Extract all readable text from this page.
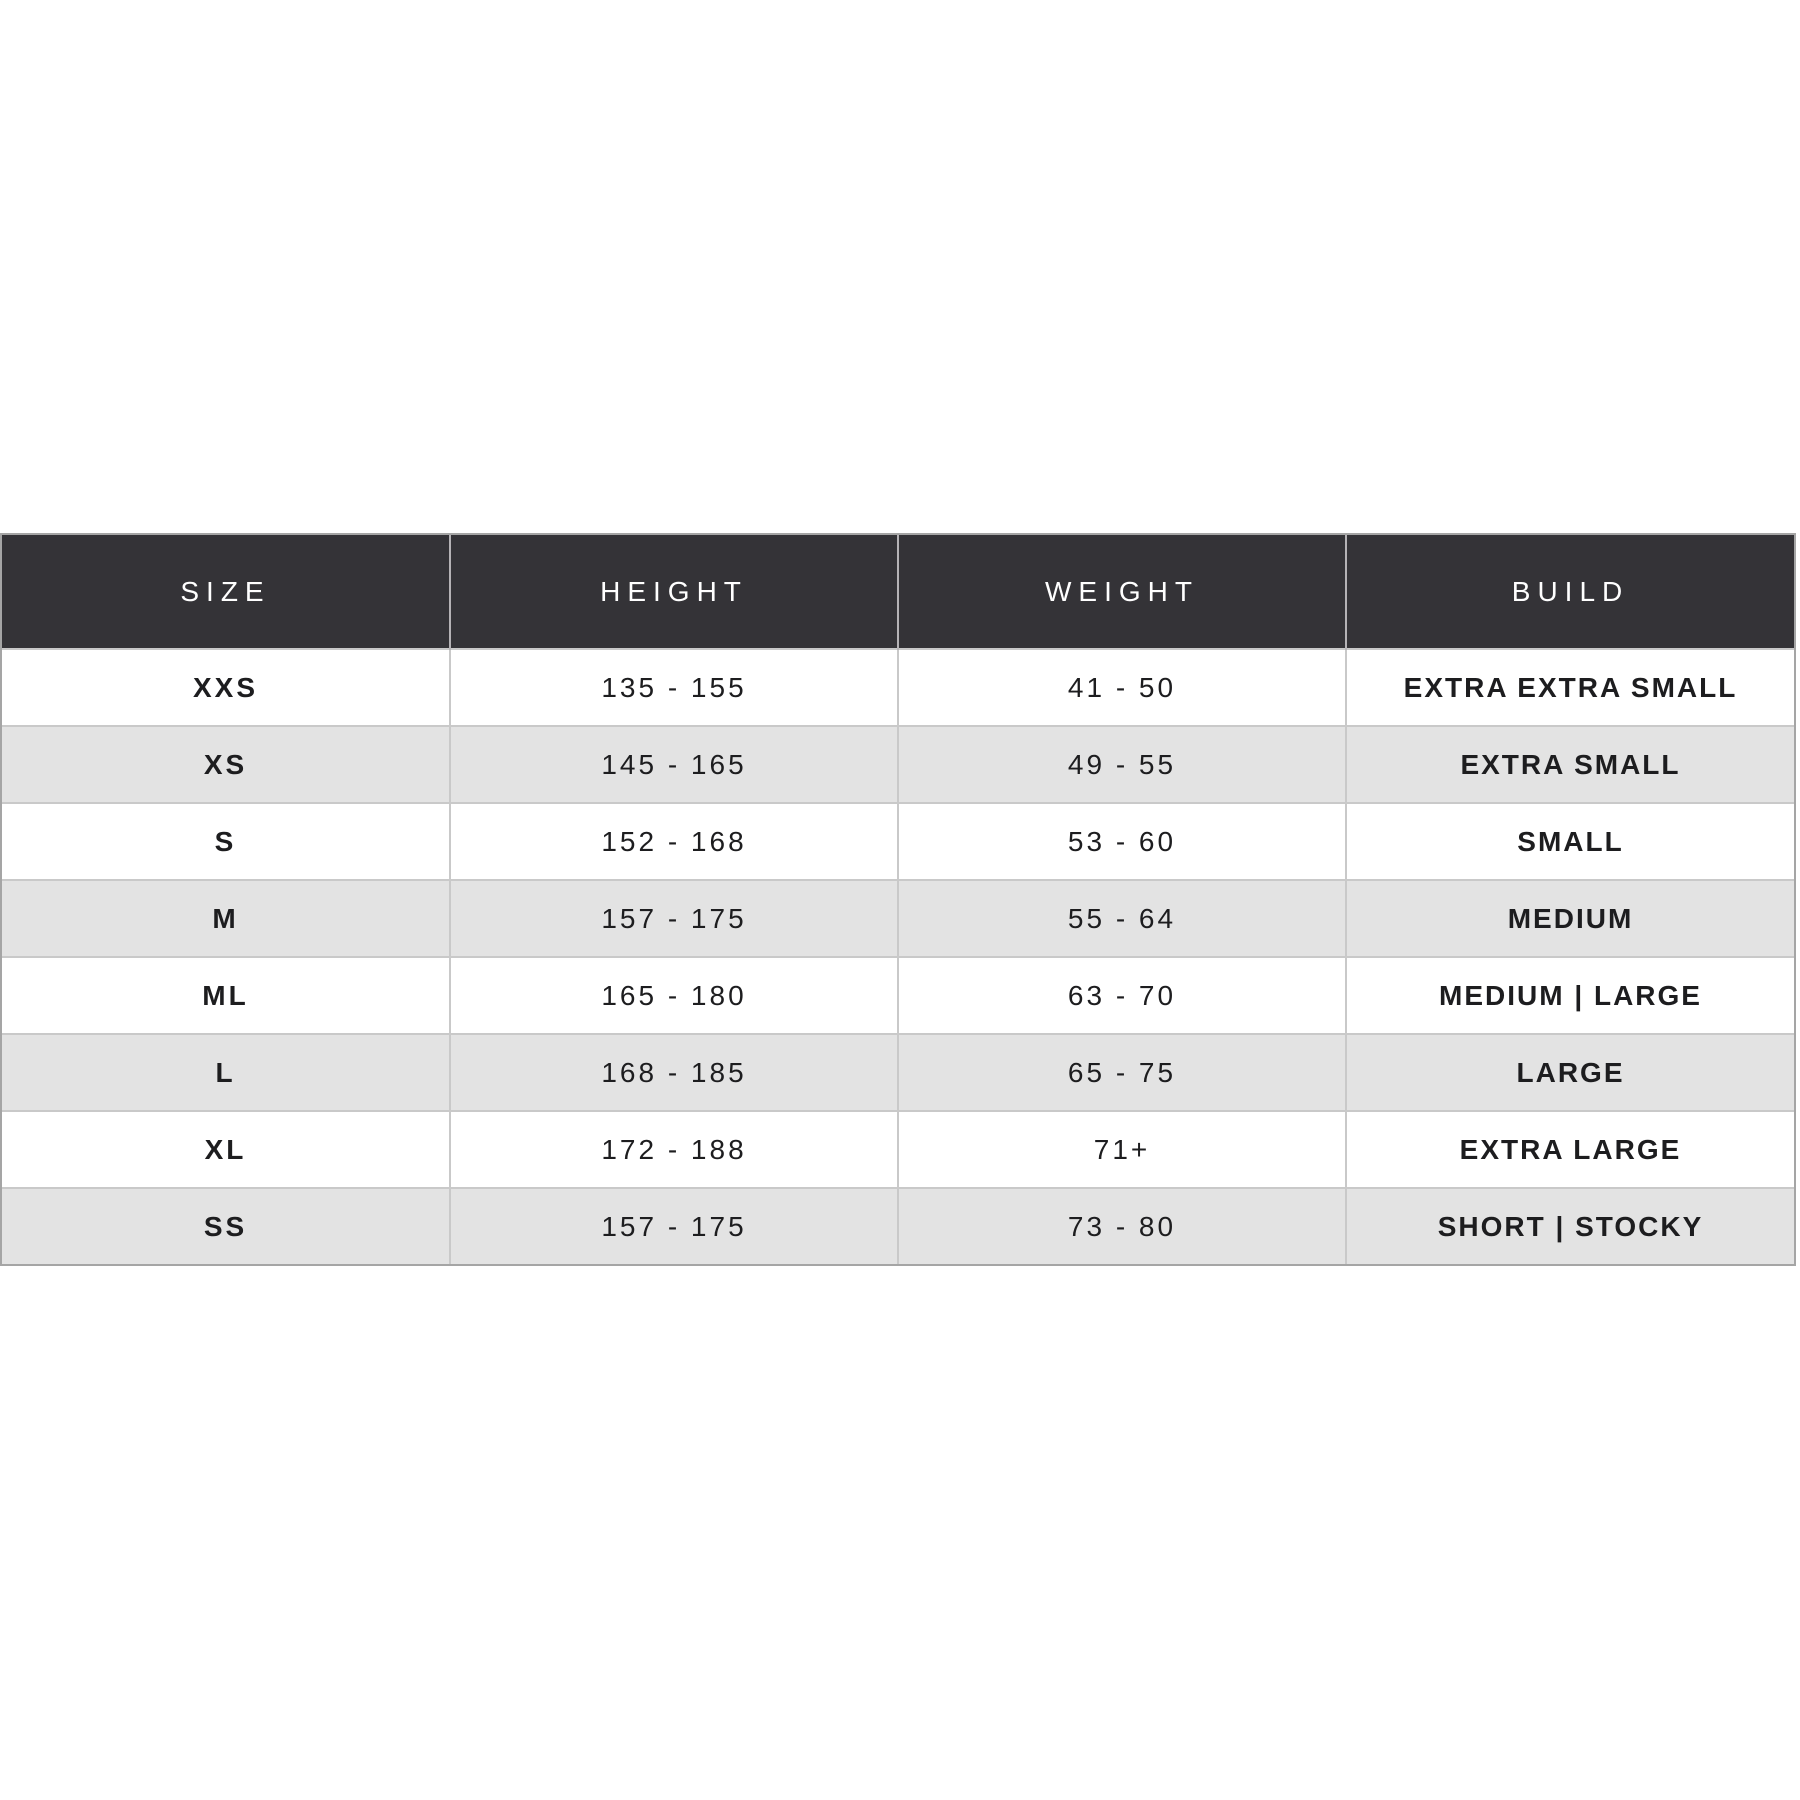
SIZE	HEIGHT	WEIGHT	BUILD
XXS	135 - 155	41 - 50	EXTRA EXTRA SMALL
XS	145 - 165	49 - 55	EXTRA SMALL
S	152 - 168	53 - 60	SMALL
M	157 - 175	55 - 64	MEDIUM
ML	165 - 180	63 - 70	MEDIUM | LARGE
L	168 - 185	65 - 75	LARGE
XL	172 - 188	71+	EXTRA LARGE
SS	157 - 175	73 - 80	SHORT | STOCKY
